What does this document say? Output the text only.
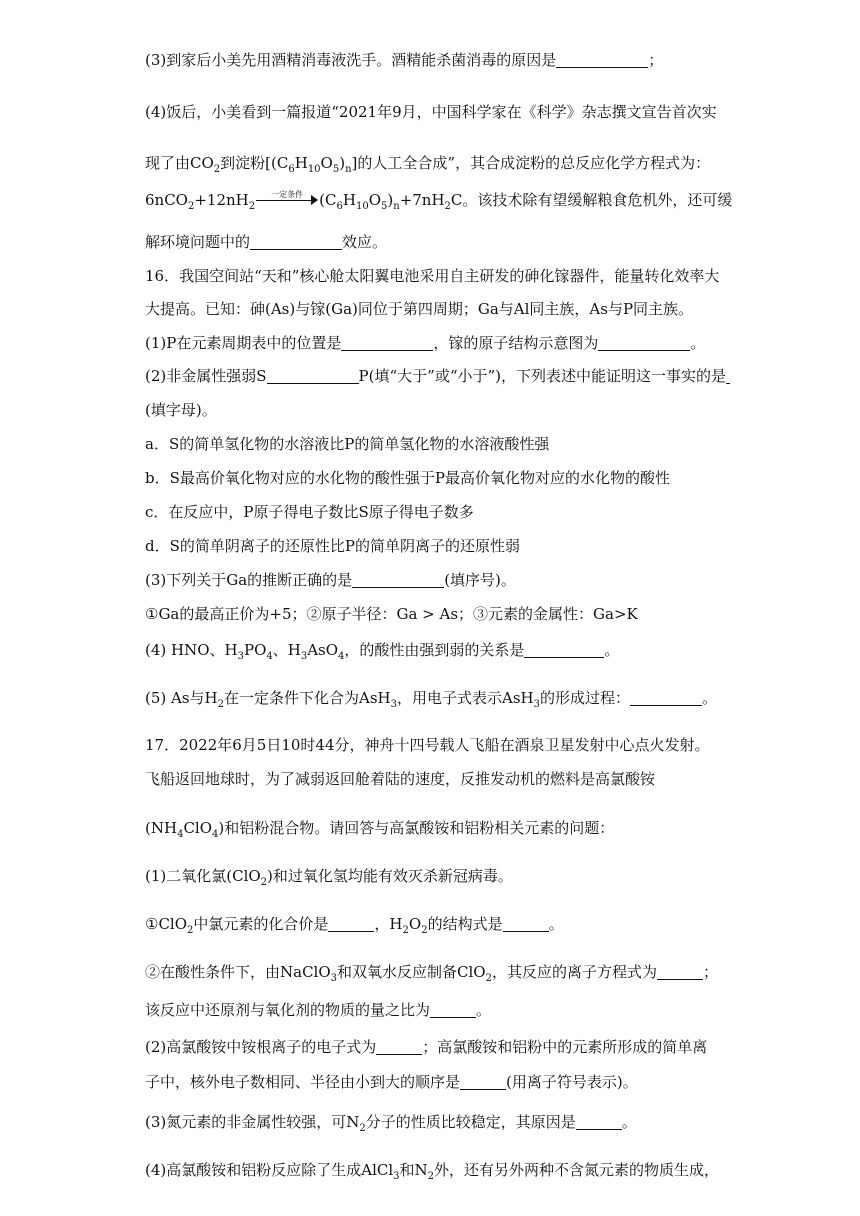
(3)到家后小美先用酒精消毒液洗手。酒精能杀菌消毒的原因是	；
(4)饭后，小美看到一篇报道“2021年9月，中国科学家在《科学》杂志撰文宣告首次实
现了由$CO_2$到淀粉$[(C_6H_{10}O_5)_n]$的人工全合成”，其合成淀粉的总反应化学方程式为：
$6nCO_2+12nH_2$
一定条件	$(C_6H_{10}O_5)_n+7nH_2C$。该技术除有望缓解粮食危机外，还可缓
解环境问题中的	效应。
16．我国空间站“天和”核心舱太阳翼电池采用自主研发的砷化镓器件，能量转化效率大
大提高。已知：砷(As)与镓(Ga)同位于第四周期；Ga与Al同主族，As与P同主族。
(1)P在元素周期表中的位置是	，镓的原子结构示意图为	。
(2)非金属性强弱S	P(填“大于”或“小于”)，下列表述中能证明这一事实的是
(填字母)。
a．S的简单氢化物的水溶液比P的简单氢化物的水溶液酸性强
b．S最高价氧化物对应的水化物的酸性强于P最高价氧化物对应的水化物的酸性
c．在反应中，P原子得电子数比S原子得电子数多
d．S的简单阴离子的还原性比P的简单阴离子的还原性弱
(3)下列关于Ga的推断正确的是	(填序号)。
①Ga的最高正价为+5；②原子半径：Ga > As；③元素的金属性：Ga>K
(4) HNO、$H_3PO_4$、$H_3AsO_4$，的酸性由强到弱的关系是	。
(5) As与$H_2$在一定条件下化合为AsH$_3$，用电子式表示AsH$_3$的形成过程：	。
17．2022年6月5日10时44分，神舟十四号载人飞船在酒泉卫星发射中心点火发射。
飞船返回地球时，为了减弱返回舱着陆的速度，反推发动机的燃料是高氯酸铵
$(NH_4ClO_4)$和铝粉混合物。请回答与高氯酸铵和铝粉相关元素的问题：
(1)二氧化氯(ClO$_2$)和过氧化氢均能有效灭杀新冠病毒。
①ClO$_2$中氯元素的化合价是	，$H_2O_2$的结构式是	。
②在酸性条件下，由NaClO$_3$和双氧水反应制备ClO$_2$，其反应的离子方程式为	；
该反应中还原剂与氧化剂的物质的量之比为	。
(2)高氯酸铵中铵根离子的电子式为	；高氯酸铵和铝粉中的元素所形成的简单离
子中，核外电子数相同、半径由小到大的顺序是	(用离子符号表示)。
(3)氮元素的非金属性较强，可$N_2$分子的性质比较稳定，其原因是	。
(4)高氯酸铵和铝粉反应除了生成AlCl$_3$和$N_2$外，还有另外两种不含氮元素的物质生成，
